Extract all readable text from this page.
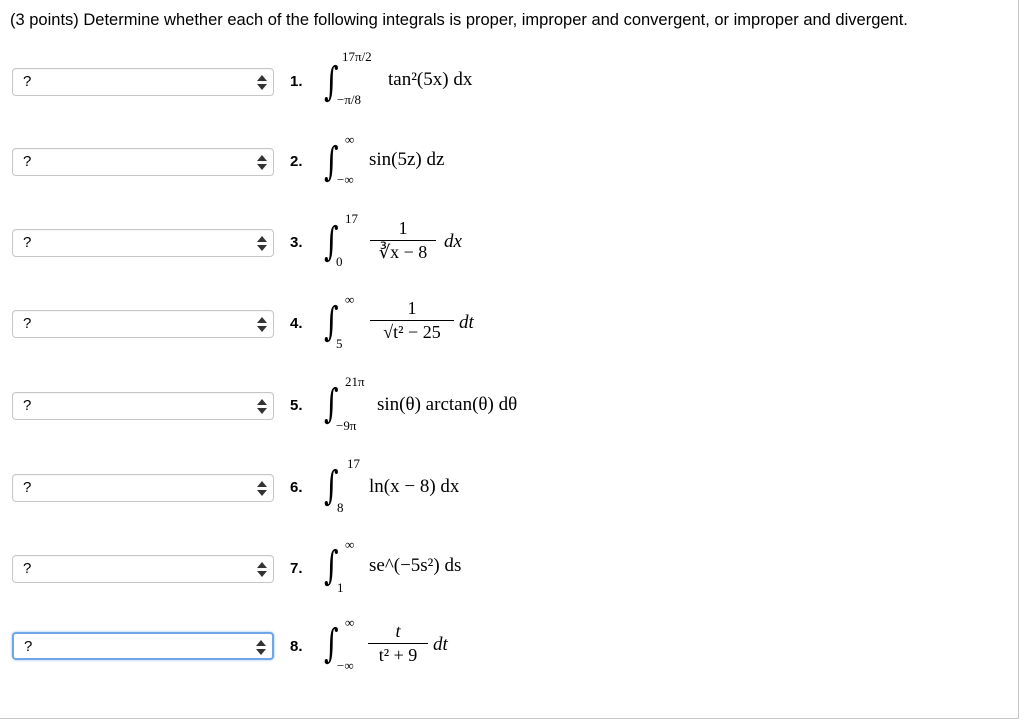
(3 points) Determine whether each of the following integrals is proper, improper and convergent, or improper and divergent.
?	1. ∫
17π/2
−π/8
tan²(5x) dx
?	2. ∫ ∞
−∞
sin(5z) dz
?	3. ∫
17
0
1
∛x − 8 dx
?	4. ∫ ∞
5
1
√t² − 25 dt
?	5. ∫ 21π
−9π
sin(θ) arctan(θ) dθ
?	6. ∫ 17
8
ln(x − 8) dx
?	7. ∫ ∞
1
se^(−5s²) ds
?	8. ∫ ∞
−∞
t
t² + 9 dt
